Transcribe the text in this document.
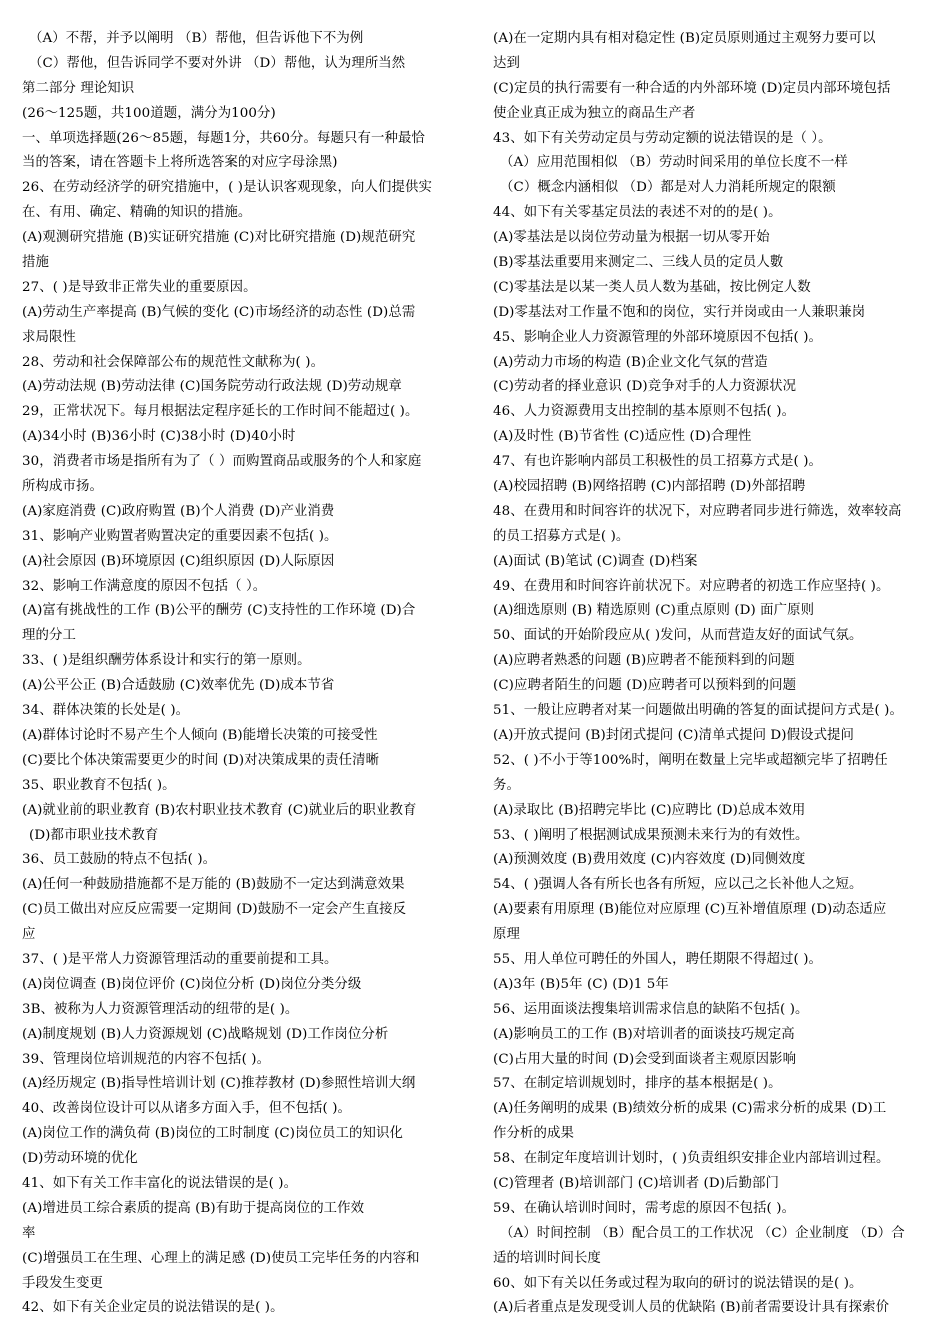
（A）不帮，并予以阐明 （B）帮他，但告诉他下不为例
（C）帮他，但告诉同学不要对外讲 （D）帮他，认为理所当然
第二部分 理论知识
(26～125题，共100道题，满分为100分)
一、单项选择题(26～85题，每题1分，共60分。每题只有一种最恰
当的答案，请在答题卡上将所选答案的对应字母涂黑)
26、在劳动经济学的研究措施中，( )是认识客观现象，向人们提供实
在、有用、确定、精确的知识的措施。
(A)观测研究措施 (B)实证研究措施 (C)对比研究措施 (D)规范研究
措施
27、( )是导致非正常失业的重要原因。
(A)劳动生产率提高 (B)气候的变化 (C)市场经济的动态性 (D)总需
求局限性
28、劳动和社会保障部公布的规范性文献称为( )。
(A)劳动法规 (B)劳动法律 (C)国务院劳动行政法规 (D)劳动规章
29，正常状况下。每月根据法定程序延长的工作时间不能超过( )。
(A)34小时 (B)36小时 (C)38小时 (D)40小时
30，消费者市场是指所有为了（ ）而购置商品或服务的个人和家庭
所构成市扬。
(A)家庭消费 (C)政府购置 (B)个人消费 (D)产业消费
31、影响产业购置者购置决定的重要因素不包括( )。
(A)社会原因 (B)环境原因 (C)组织原因 (D)人际原因
32、影响工作满意度的原因不包括（ ）。
(A)富有挑战性的工作 (B)公平的酬劳 (C)支持性的工作环境 (D)合
理的分工
33、( )是组织酬劳体系设计和实行的第一原则。
(A)公平公正 (B)合适鼓励 (C)效率优先 (D)成本节省
34、群体决策的长处是( )。
(A)群体讨论时不易产生个人倾向 (B)能增长决策的可接受性
(C)要比个体决策需要更少的时间 (D)对决策成果的责任清晰
35、职业教育不包括( )。
(A)就业前的职业教育 (B)农村职业技术教育 (C)就业后的职业教育
(D)都市职业技术教育
36、员工鼓励的特点不包括( )。
(A)任何一种鼓励措施都不是万能的 (B)鼓励不一定达到满意效果
(C)员工做出对应反应需要一定期间 (D)鼓励不一定会产生直接反
应
37、( )是平常人力资源管理活动的重要前提和工具。
(A)岗位调查 (B)岗位评价 (C)岗位分析 (D)岗位分类分级
3B、被称为人力资源管理活动的纽带的是( )。
(A)制度规划 (B)人力资源规划 (C)战略规划 (D)工作岗位分析
39、管理岗位培训规范的内容不包括( )。
(A)经历规定 (B)指导性培训计划 (C)推荐教材 (D)参照性培训大纲
40、改善岗位设计可以从诸多方面入手，但不包括( )。
(A)岗位工作的满负荷 (B)岗位的工时制度 (C)岗位员工的知识化
(D)劳动环境的优化
41、如下有关工作丰富化的说法错误的是( )。
(A)增进员工综合素质的提高 (B)有助于提高岗位的工作效
率
(C)增强员工在生理、心理上的满足感 (D)使员工完毕任务的内容和
手段发生变更
42、如下有关企业定员的说法错误的是( )。
(A)在一定期内具有相对稳定性 (B)定员原则通过主观努力要可以
达到
(C)定员的执行需要有一种合适的内外部环境 (D)定员内部环境包括
使企业真正成为独立的商品生产者
43、如下有关劳动定员与劳动定额的说法错误的是（ ）。
（A）应用范围相似 （B）劳动时间采用的单位长度不一样
（C）概念内涵相似 （D）都是对人力消耗所规定的限额
44、如下有关零基定员法的表述不对的的是( )。
(A)零基法是以岗位劳动量为根据一切从零开始
(B)零基法重要用来测定二、三线人员的定员人數
(C)零基法是以某一类人员人数为基础，按比例定人数
(D)零基法对工作量不饱和的岗位，实行并岗或由一人兼职兼岗
45、影响企业人力资源管理的外部环境原因不包括( )。
(A)劳动力市场的构造 (B)企业文化气氛的营造
(C)劳动者的择业意识 (D)竞争对手的人力资源状况
46、人力资源费用支出控制的基本原则不包括( )。
(A)及时性 (B)节省性 (C)适应性 (D)合理性
47、有也许影响内部员工积极性的员工招募方式是( )。
(A)校园招聘 (B)网络招聘 (C)内部招聘 (D)外部招聘
48、在费用和时间容许的状况下，对应聘者同步进行筛选，效率较高
的员工招募方式是( )。
(A)面试 (B)笔试 (C)调查 (D)档案
49、在费用和时间容许前状况下。对应聘者的初选工作应坚持( )。
(A)细选原则 (B) 精选原则 (C)重点原则 (D) 面广原则
50、面试的开始阶段应从( )发问，从而营造友好的面试气氛。
(A)应聘者熟悉的问题 (B)应聘者不能预料到的问题
(C)应聘者陌生的问题 (D)应聘者可以预料到的问题
51、一般让应聘者对某一问题做出明确的答复的面试提问方式是( )。
(A)开放式提问 (B)封闭式提问 (C)清单式提问 D)假设式提问
52、( )不小于等100%时，阐明在数量上完毕或超额完毕了招聘任
务。
(A)录取比 (B)招聘完毕比 (C)应聘比 (D)总成本效用
53、( )阐明了根据测试成果预测未来行为的有效性。
(A)预测效度 (B)费用效度 (C)内容效度 (D)同侧效度
54、( )强调人各有所长也各有所短，应以己之长补他人之短。
(A)要素有用原理 (B)能位对应原理 (C)互补增值原理 (D)动态适应
原理
55、用人单位可聘任的外国人，聘任期限不得超过( )。
(A)3年 (B)5年 (C) (D)1 5年
56、运用面谈法搜集培训需求信息的缺陷不包括( )。
(A)影响员工的工作 (B)对培训者的面谈技巧规定高
(C)占用大量的时间 (D)会受到面谈者主观原因影响
57、在制定培训规划时，排序的基本根据是( )。
(A)任务阐明的成果 (B)绩效分析的成果 (C)需求分析的成果 (D)工
作分析的成果
58、在制定年度培训计划时，( )负责组织安排企业内部培训过程。
(C)管理者 (B)培训部门 (C)培训者 (D)后勤部门
59、在确认培训时间时，需考虑的原因不包括( )。
（A）时间控制 （B）配合员工的工作状况 （C）企业制度 （D）合
适的培训时间长度
60、如下有关以任务或过程为取向的研讨的说法错误的是( )。
(A)后者重点是发现受训人员的优缺陷 (B)前者需要设计具有探索价
